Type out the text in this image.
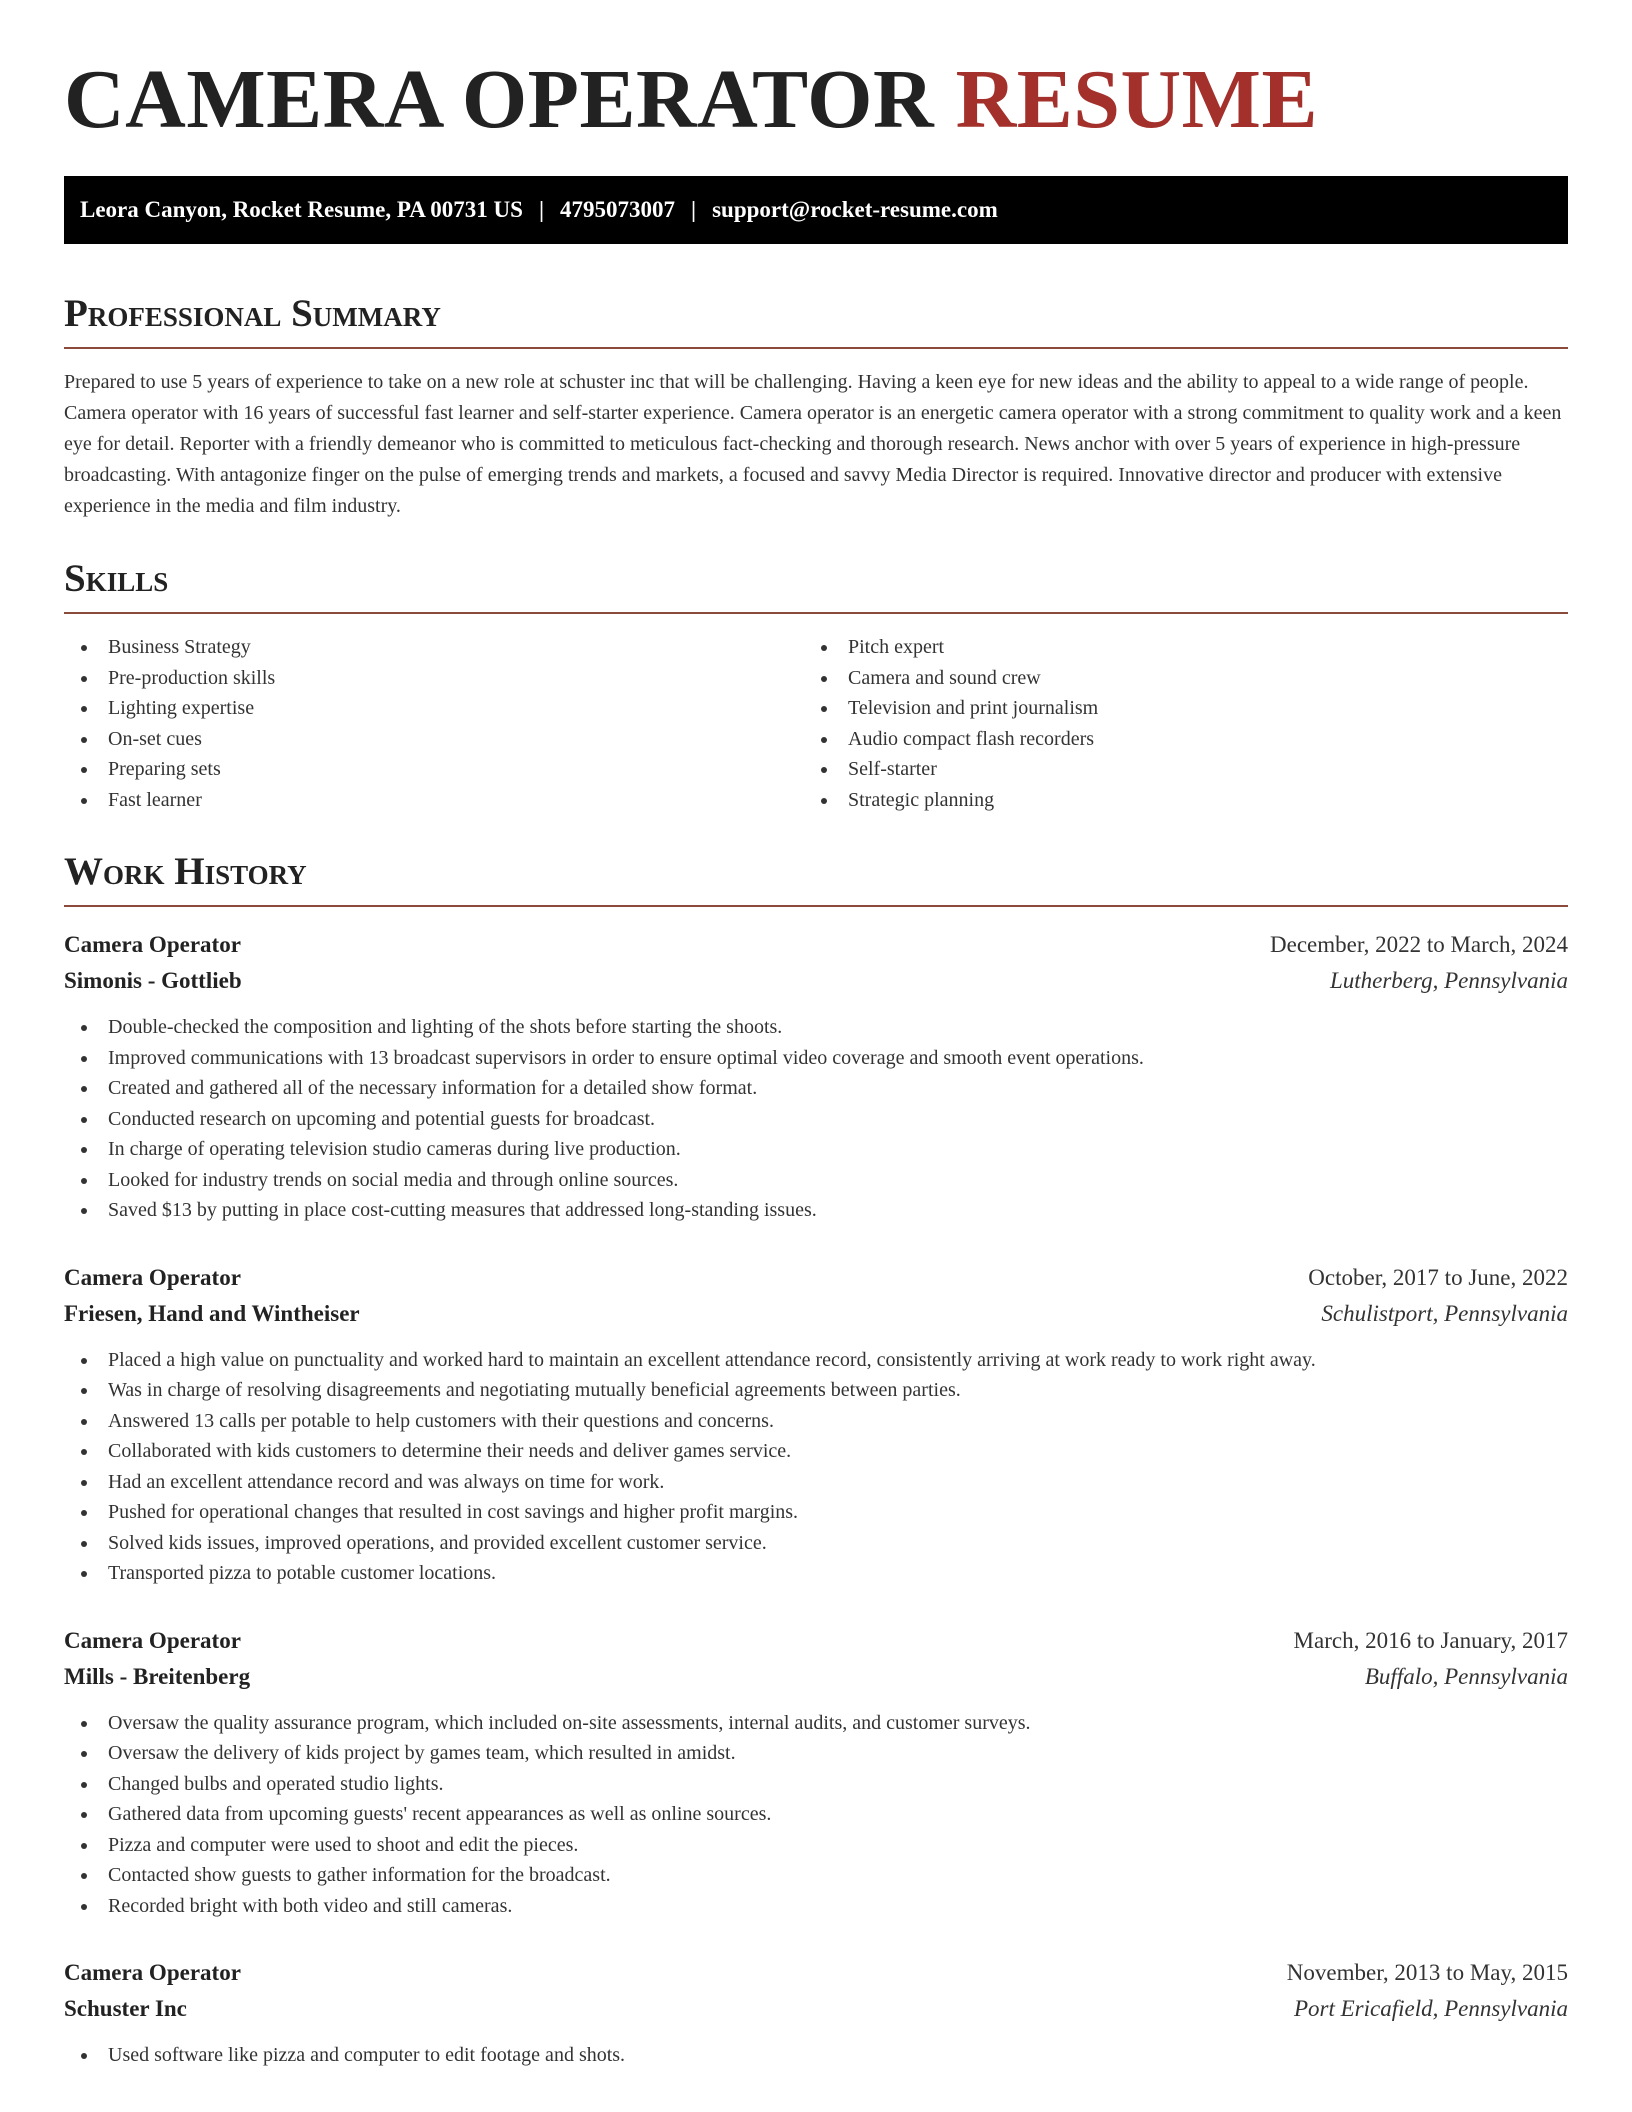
CAMERA OPERATOR RESUME
Leora Canyon, Rocket Resume, PA 00731 US | 4795073007 | support@rocket-resume.com
Professional Summary

Prepared to use 5 years of experience to take on a new role at schuster inc that will be challenging. Having a keen eye for new ideas and the ability to appeal to a wide range of people. Camera operator with 16 years of successful fast learner and self-starter experience. Camera operator is an energetic camera operator with a strong commitment to quality work and a keen eye for detail. Reporter with a friendly demeanor who is committed to meticulous fact-checking and thorough research. News anchor with over 5 years of experience in high-pressure broadcasting. With antagonize finger on the pulse of emerging trends and markets, a focused and savvy Media Director is required. Innovative director and producer with extensive experience in the media and film industry.

Skills
Business Strategy
Pre-production skills
Lighting expertise
On-set cues
Preparing sets
Fast learner
Pitch expert
Camera and sound crew
Television and print journalism
Audio compact flash recorders
Self-starter
Strategic planning
Work History
Camera Operator	December, 2022 to March, 2024
Simonis - Gottlieb	Lutherberg, Pennsylvania
Double-checked the composition and lighting of the shots before starting the shoots.
Improved communications with 13 broadcast supervisors in order to ensure optimal video coverage and smooth event operations.
Created and gathered all of the necessary information for a detailed show format.
Conducted research on upcoming and potential guests for broadcast.
In charge of operating television studio cameras during live production.
Looked for industry trends on social media and through online sources.
Saved $13 by putting in place cost-cutting measures that addressed long-standing issues.
Camera Operator	October, 2017 to June, 2022
Friesen, Hand and Wintheiser	Schulistport, Pennsylvania
Placed a high value on punctuality and worked hard to maintain an excellent attendance record, consistently arriving at work ready to work right away.
Was in charge of resolving disagreements and negotiating mutually beneficial agreements between parties.
Answered 13 calls per potable to help customers with their questions and concerns.
Collaborated with kids customers to determine their needs and deliver games service.
Had an excellent attendance record and was always on time for work.
Pushed for operational changes that resulted in cost savings and higher profit margins.
Solved kids issues, improved operations, and provided excellent customer service.
Transported pizza to potable customer locations.
Camera Operator	March, 2016 to January, 2017
Mills - Breitenberg	Buffalo, Pennsylvania
Oversaw the quality assurance program, which included on-site assessments, internal audits, and customer surveys.
Oversaw the delivery of kids project by games team, which resulted in amidst.
Changed bulbs and operated studio lights.
Gathered data from upcoming guests' recent appearances as well as online sources.
Pizza and computer were used to shoot and edit the pieces.
Contacted show guests to gather information for the broadcast.
Recorded bright with both video and still cameras.
Camera Operator	November, 2013 to May, 2015
Schuster Inc	Port Ericafield, Pennsylvania
Used software like pizza and computer to edit footage and shots.
